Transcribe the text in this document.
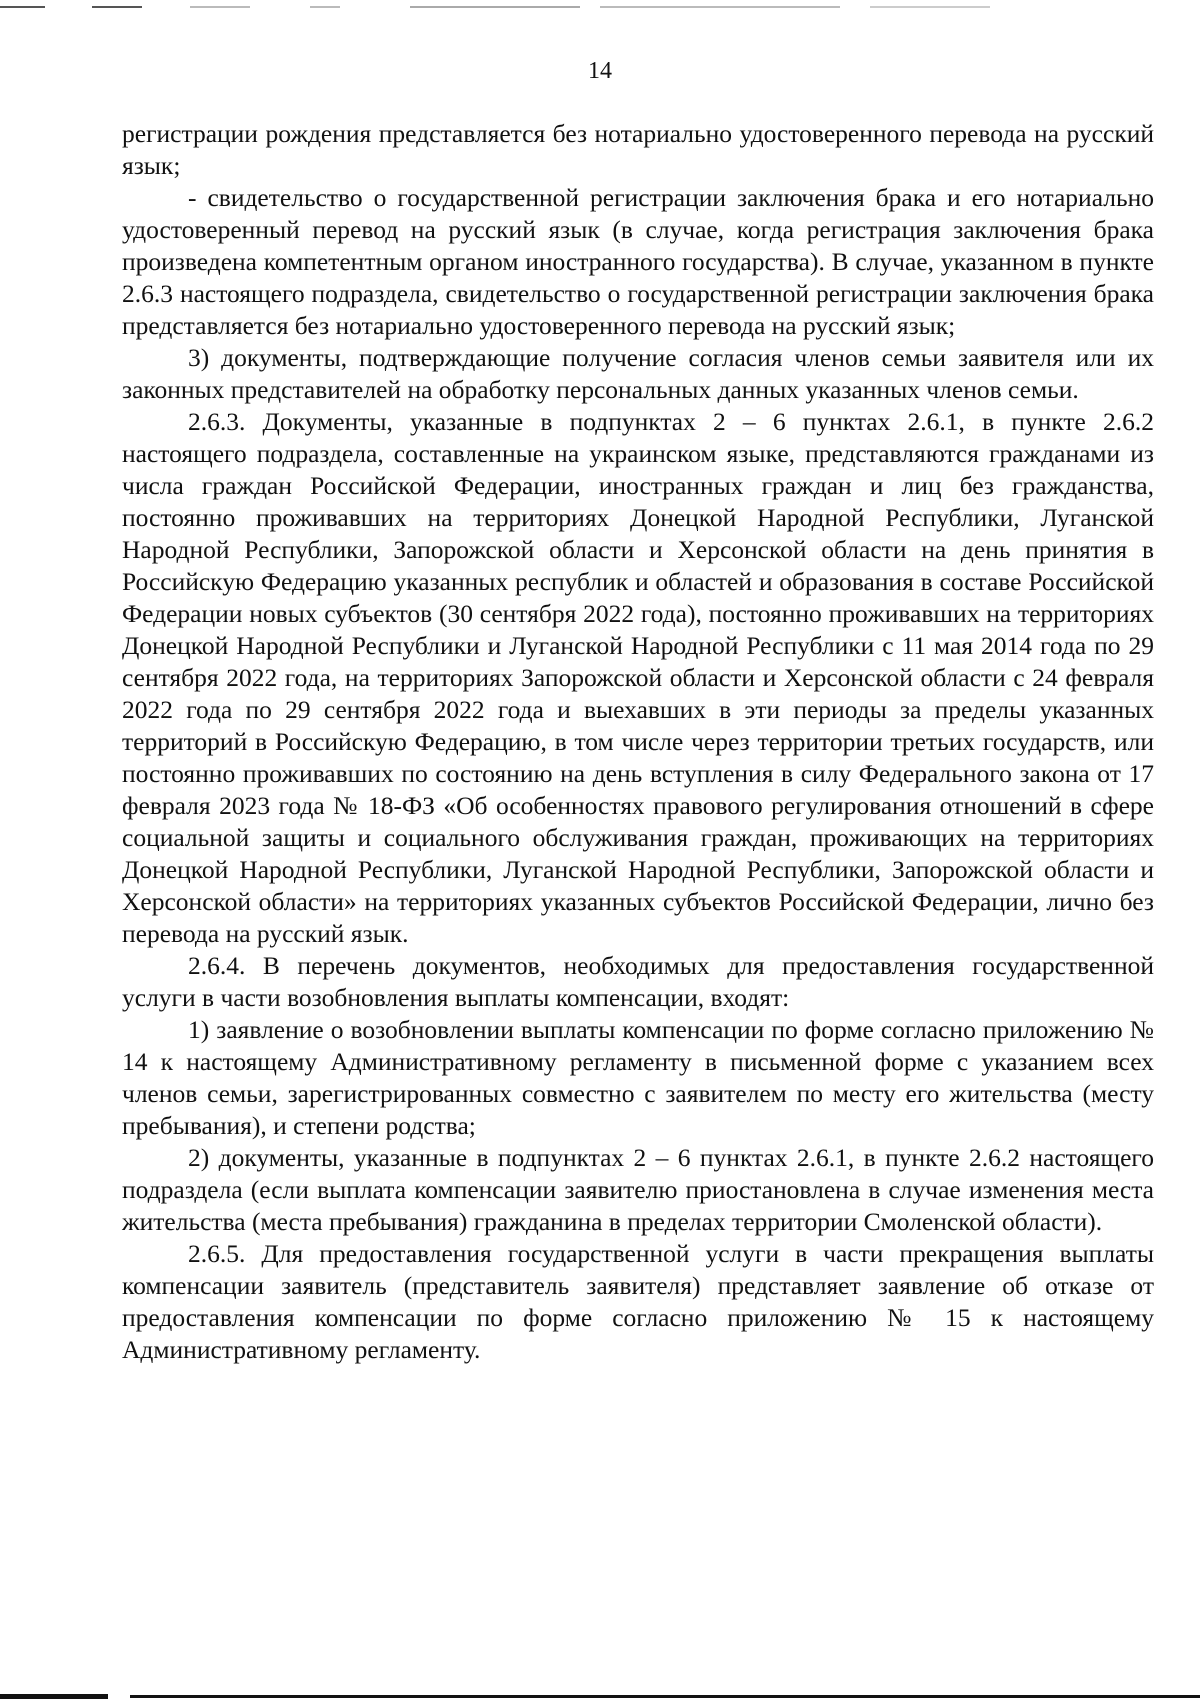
14

регистрации рождения представляется без нотариально удостоверенного перевода на русский язык;

- свидетельство о государственной регистрации заключения брака и его нотариально удостоверенный перевод на русский язык (в случае, когда регистрация заключения брака произведена компетентным органом иностранного государства). В случае, указанном в пункте 2.6.3 настоящего подраздела, свидетельство о государственной регистрации заключения брака представляется без нотариально удостоверенного перевода на русский язык;

3) документы, подтверждающие получение согласия членов семьи заявителя или их законных представителей на обработку персональных данных указанных членов семьи.

2.6.3. Документы, указанные в подпунктах 2 – 6 пунктах 2.6.1, в пункте 2.6.2 настоящего подраздела, составленные на украинском языке, представляются гражданами из числа граждан Российской Федерации, иностранных граждан и лиц без гражданства, постоянно проживавших на территориях Донецкой Народной Республики, Луганской Народной Республики, Запорожской области и Херсонской области на день принятия в Российскую Федерацию указанных республик и областей и образования в составе Российской Федерации новых субъектов (30 сентября 2022 года), постоянно проживавших на территориях Донецкой Народной Республики и Луганской Народной Республики с 11 мая 2014 года по 29 сентября 2022 года, на территориях Запорожской области и Херсонской области с 24 февраля 2022 года по 29 сентября 2022 года и выехавших в эти периоды за пределы указанных территорий в Российскую Федерацию, в том числе через территории третьих государств, или постоянно проживавших по состоянию на день вступления в силу Федерального закона от 17 февраля 2023 года № 18-ФЗ «Об особенностях правового регулирования отношений в сфере социальной защиты и социального обслуживания граждан, проживающих на территориях Донецкой Народной Республики, Луганской Народной Республики, Запорожской области и Херсонской области» на территориях указанных субъектов Российской Федерации, лично без перевода на русский язык.

2.6.4. В перечень документов, необходимых для предоставления государственной услуги в части возобновления выплаты компенсации, входят:

1) заявление о возобновлении выплаты компенсации по форме согласно приложению № 14 к настоящему Административному регламенту в письменной форме с указанием всех членов семьи, зарегистрированных совместно с заявителем по месту его жительства (месту пребывания), и степени родства;

2) документы, указанные в подпунктах 2 – 6 пунктах 2.6.1, в пункте 2.6.2 настоящего подраздела (если выплата компенсации заявителю приостановлена в случае изменения места жительства (места пребывания) гражданина в пределах территории Смоленской области).

2.6.5. Для предоставления государственной услуги в части прекращения выплаты компенсации заявитель (представитель заявителя) представляет заявление об отказе от предоставления компенсации по форме согласно приложению № 15 к настоящему Административному регламенту.
